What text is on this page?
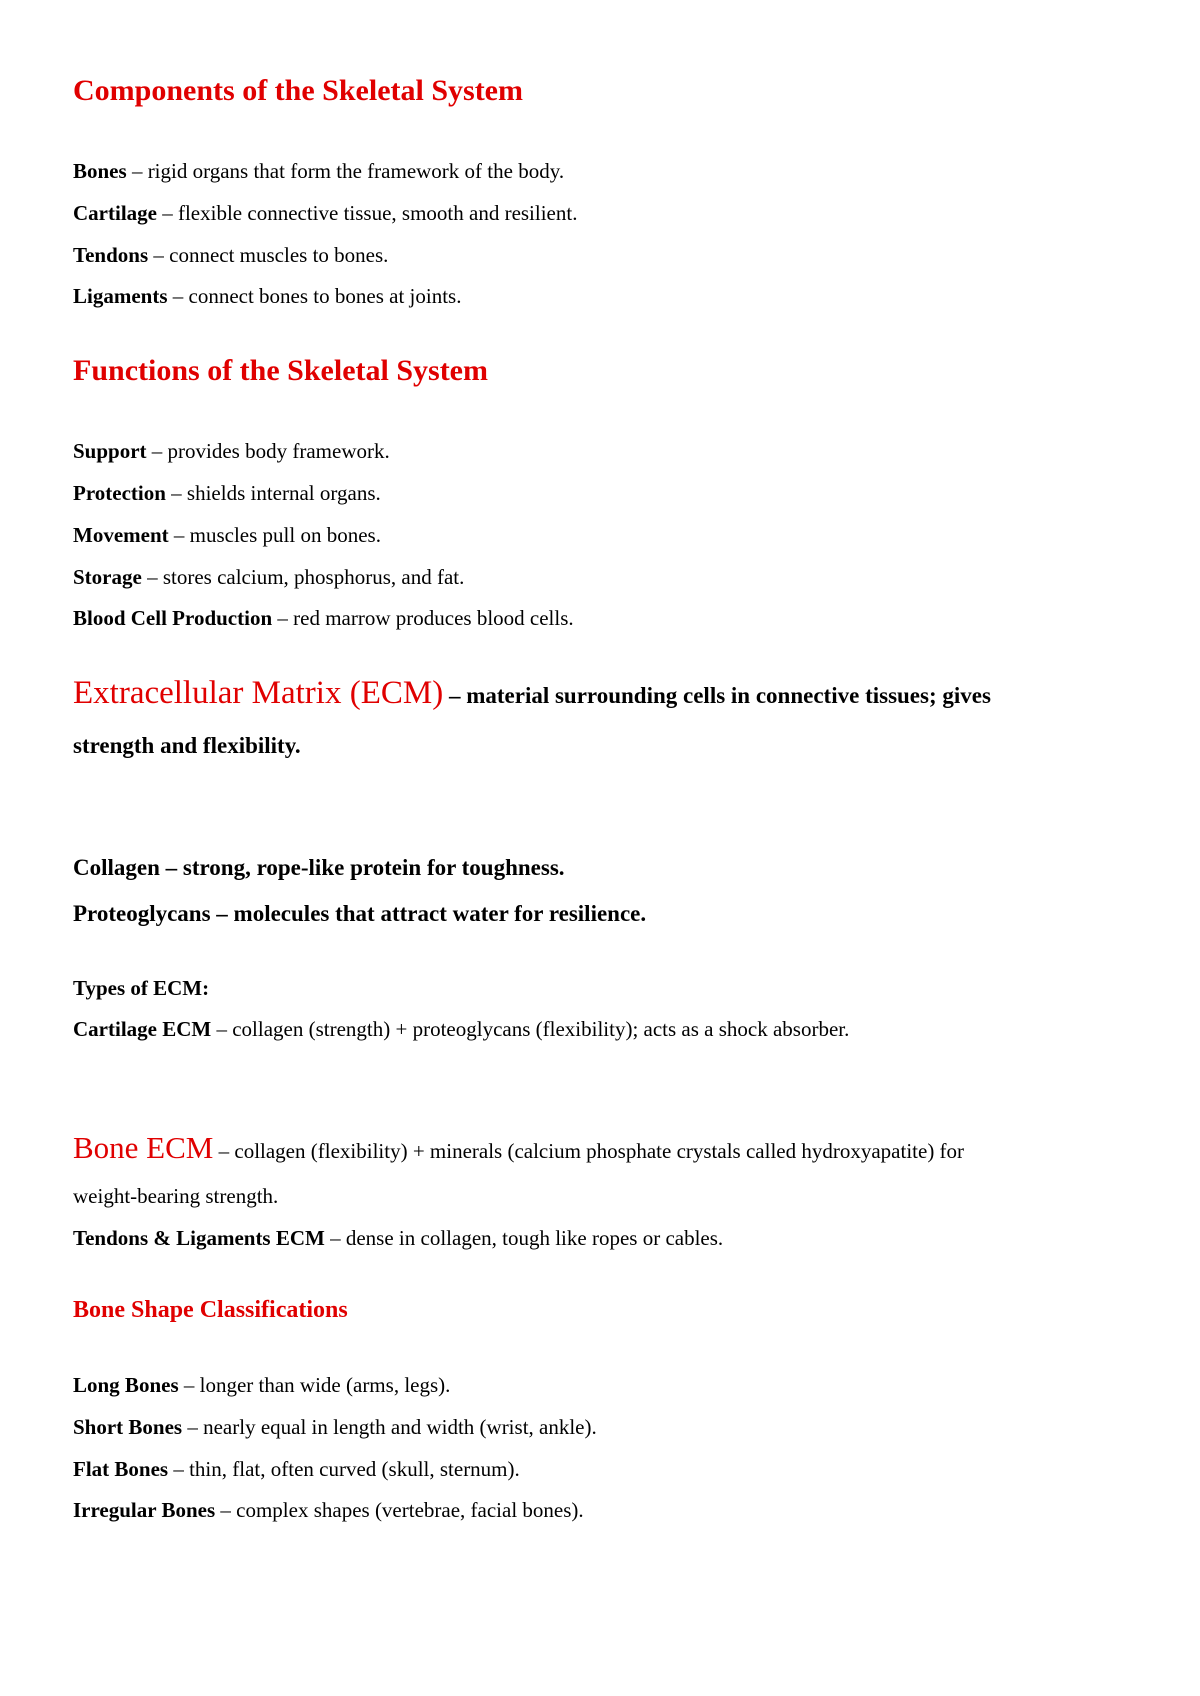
Components of the Skeletal System
Bones – rigid organs that form the framework of the body.
Cartilage – flexible connective tissue, smooth and resilient.
Tendons – connect muscles to bones.
Ligaments – connect bones to bones at joints.
Functions of the Skeletal System
Support – provides body framework.
Protection – shields internal organs.
Movement – muscles pull on bones.
Storage – stores calcium, phosphorus, and fat.
Blood Cell Production – red marrow produces blood cells.
Extracellular Matrix (ECM) – material surrounding cells in connective tissues; gives
strength and flexibility.
Collagen – strong, rope-like protein for toughness.
Proteoglycans – molecules that attract water for resilience.
Types of ECM:
Cartilage ECM – collagen (strength) + proteoglycans (flexibility); acts as a shock absorber.
Bone ECM – collagen (flexibility) + minerals (calcium phosphate crystals called hydroxyapatite) for
weight-bearing strength.
Tendons & Ligaments ECM – dense in collagen, tough like ropes or cables.
Bone Shape Classifications
Long Bones – longer than wide (arms, legs).
Short Bones – nearly equal in length and width (wrist, ankle).
Flat Bones – thin, flat, often curved (skull, sternum).
Irregular Bones – complex shapes (vertebrae, facial bones).
